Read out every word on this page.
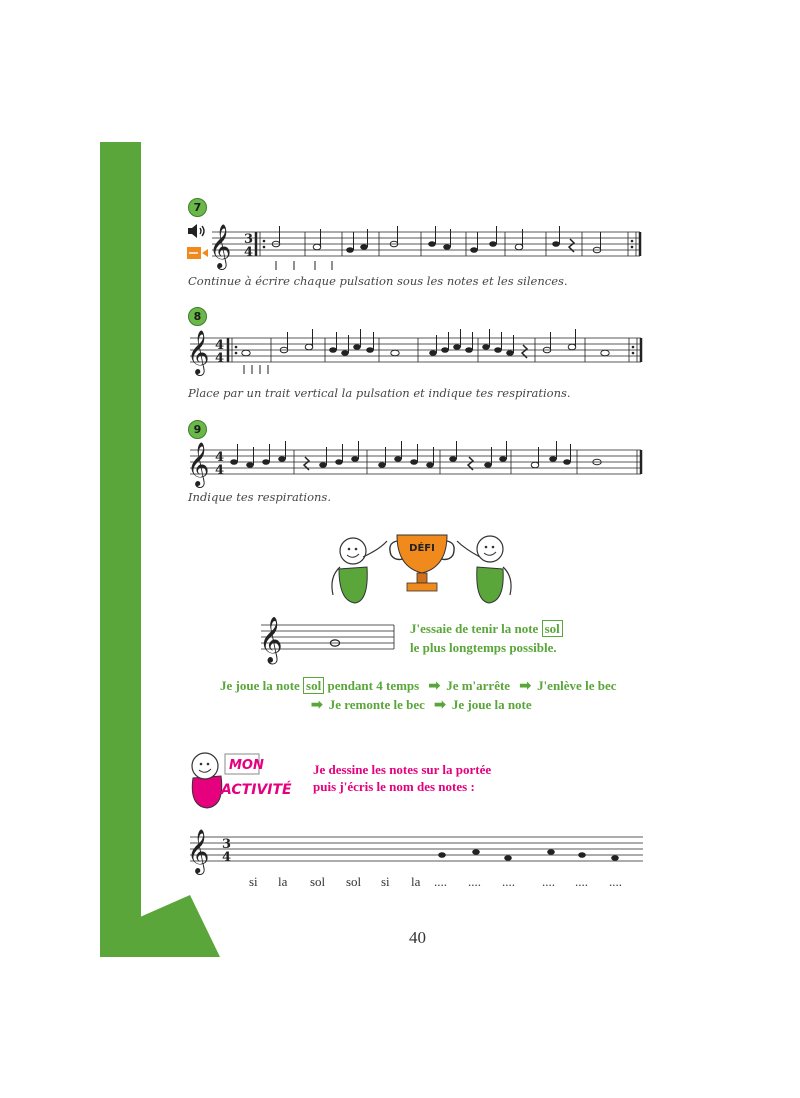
7
𝄞 3
4
Continue à écrire chaque pulsation sous les notes et les silences.
8
𝄞 4
4
Place par un trait vertical la pulsation et indique tes respirations.
9
𝄞 4
4
Indique tes respirations.
DÉFI
𝄞	J'essaie de tenir la note sol
le plus longtemps possible.
Je joue la note sol pendant 4 temps ➡ Je m'arrête ➡ J'enlève le bec
➡ Je remonte le bec ➡ Je joue la note
MON
ACTIVITÉ
Je dessine les notes sur la portée
puis j'écris le nom des notes :
𝄞 3
4
si la sol sol si la .... .... .... .... .... ....
40
